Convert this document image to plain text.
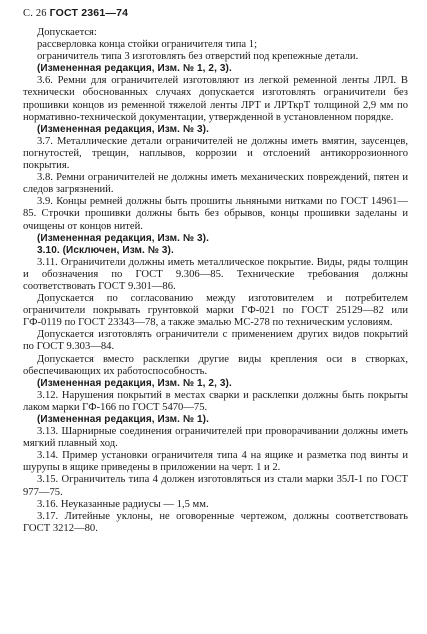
С. 26 ГОСТ 2361—74

Допускается:

рассверловка конца стойки ограничителя типа 1;

ограничитель типа 3 изготовлять без отверстий под крепежные детали.

(Измененная редакция, Изм. № 1, 2, 3).

3.6. Ремни для ограничителей изготовляют из легкой ременной ленты ЛРЛ. В технически обоснованных случаях допускается изготовлять ограничители без прошивки концов из ременной тяжелой ленты ЛРТ и ЛРТкрТ толщиной 2,9 мм по нормативно-технической документации, утвержденной в установленном порядке.

(Измененная редакция, Изм. № 3).

3.7. Металлические детали ограничителей не должны иметь вмятин, заусенцев, погнутостей, трещин, наплывов, коррозии и отслоений антикоррозионного покрытия.

3.8. Ремни ограничителей не должны иметь механических повреждений, пятен и следов загрязнений.

3.9. Концы ремней должны быть прошиты льняными нитками по ГОСТ 14961—85. Строчки прошивки должны быть без обрывов, концы прошивки заделаны и очищены от концов нитей.

(Измененная редакция, Изм. № 3).

3.10. (Исключен, Изм. № 3).

3.11. Ограничители должны иметь металлическое покрытие. Виды, ряды толщин и обозначения по ГОСТ 9.306—85. Технические требования должны соответствовать ГОСТ 9.301—86.

Допускается по согласованию между изготовителем и потребителем ограничители покрывать грунтовкой марки ГФ-021 по ГОСТ 25129—82 или ГФ-0119 по ГОСТ 23343—78, а также эмалью МС-278 по техническим условиям.

Допускается изготовлять ограничители с применением других видов покрытий по ГОСТ 9.303—84.

Допускается вместо расклепки другие виды крепления оси в створках, обеспечивающих их работоспособность.

(Измененная редакция, Изм. № 1, 2, 3).

3.12. Нарушения покрытий в местах сварки и расклепки должны быть покрыты лаком марки ГФ-166 по ГОСТ 5470—75.

(Измененная редакция, Изм. № 1).

3.13. Шарнирные соединения ограничителей при проворачивании должны иметь мягкий плавный ход.

3.14. Пример установки ограничителя типа 4 на ящике и разметка под винты и шурупы в ящике приведены в приложении на черт. 1 и 2.

3.15. Ограничитель типа 4 должен изготовляться из стали марки 35Л-1 по ГОСТ 977—75.

3.16. Неуказанные радиусы — 1,5 мм.

3.17. Литейные уклоны, не оговоренные чертежом, должны соответствовать ГОСТ 3212—80.
